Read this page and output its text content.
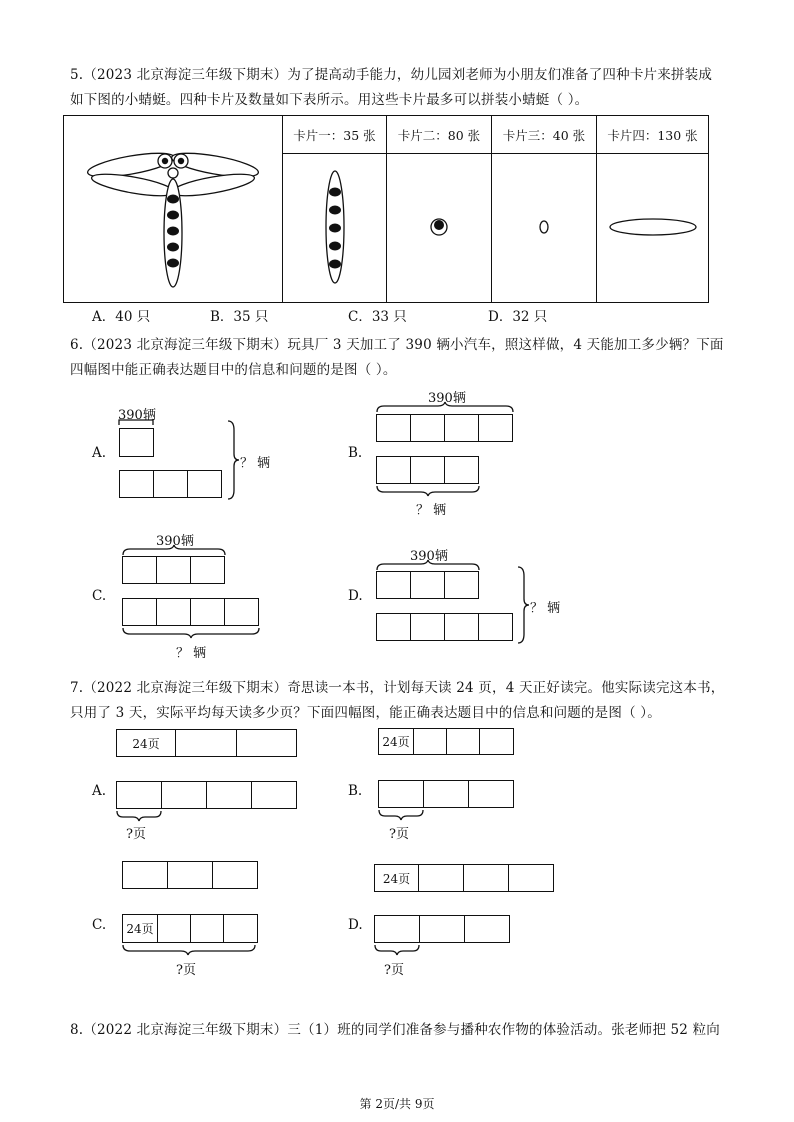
5.（2023 北京海淀三年级下期末）为了提高动手能力，幼儿园刘老师为小朋友们准备了四种卡片来拼装成
如下图的小蜻蜓。四种卡片及数量如下表所示。用这些卡片最多可以拼装小蜻蜓（ ）。
	卡片一：35 张	卡片二：80 张	卡片三：40 张	卡片四：130 张

A．40 只	B．35 只	C．33 只	D．32 只
6.（2023 北京海淀三年级下期末）玩具厂 3 天加工了 390 辆小汽车，照这样做，4 天能加工多少辆？下面
四幅图中能正确表达题目中的信息和问题的是图（ ）。
A.
390辆
？ 辆
B.
390辆
？ 辆
C.
390辆
？ 辆
D.
390辆
？ 辆
7.（2022 北京海淀三年级下期末）奇思读一本书，计划每天读 24 页，4 天正好读完。他实际读完这本书，
只用了 3 天，实际平均每天读多少页？下面四幅图，能正确表达题目中的信息和问题的是图（ ）。
24页
A.
?页
24页
B.
?页
C.	24页
?页
24页
D.
?页
8.（2022 北京海淀三年级下期末）三（1）班的同学们准备参与播种农作物的体验活动。张老师把 52 粒向
第 2页/共 9页
